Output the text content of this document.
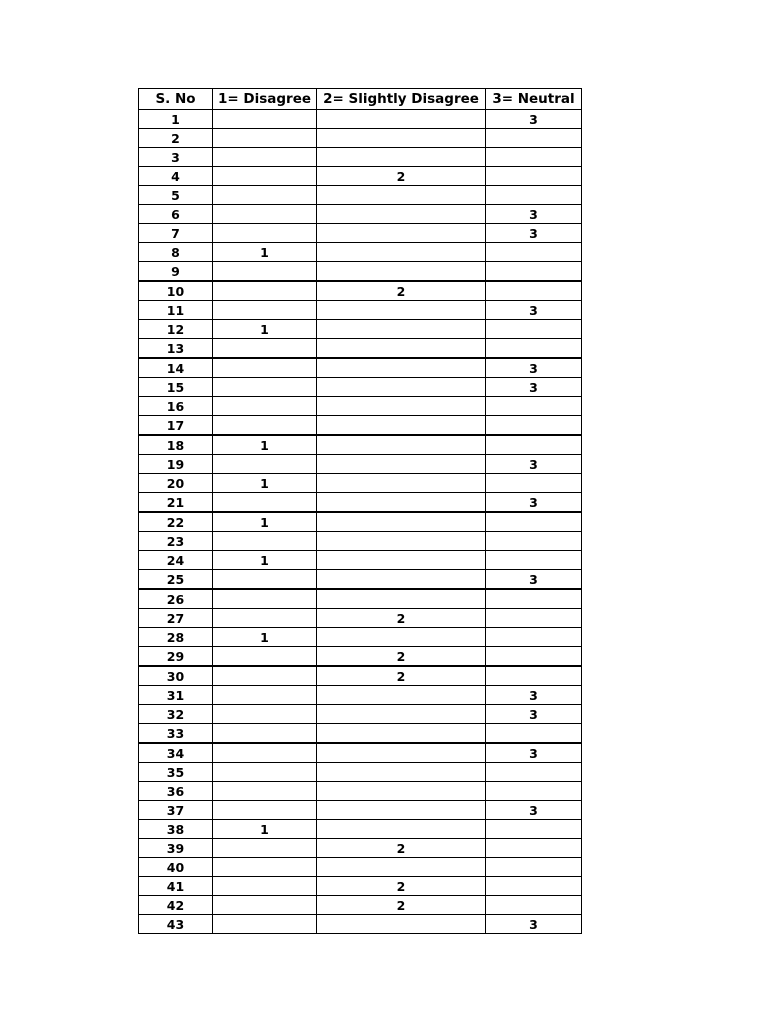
S. No	1= Disagree	2= Slightly Disagree	3= Neutral
1			3
2			
3			
4		2	
5			
6			3
7			3
8	1		
9			
10		2	
11			3
12	1		
13			
14			3
15			3
16			
17			
18	1		
19			3
20	1		
21			3
22	1		
23			
24	1		
25			3
26			
27		2	
28	1		
29		2	
30		2	
31			3
32			3
33			
34			3
35			
36			
37			3
38	1		
39		2	
40			
41		2	
42		2	
43			3
